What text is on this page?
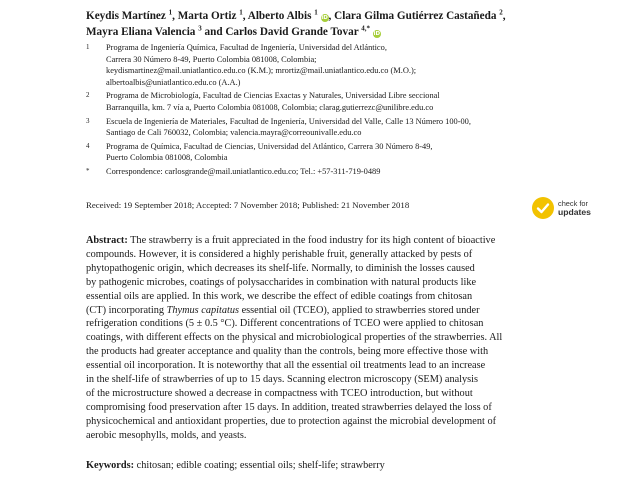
Keydis Martínez $^1$, Marta Ortiz $^1$, Alberto Albis $^1$ iD, Clara Gilma Gutiérrez Castañeda $^2$,
Mayra Eliana Valencia $^3$ and Carlos David Grande Tovar $^{4,*}$ iD
1 Programa de Ingeniería Química, Facultad de Ingeniería, Universidad del Atlántico,
Carrera 30 Número 8-49, Puerto Colombia 081008, Colombia;
keydismartinez@mail.uniatlantico.edu.co (K.M.); mrortiz@mail.uniatlantico.edu.co (M.O.);
albertoalbis@uniatlantico.edu.co (A.A.)
2 Programa de Microbiología, Facultad de Ciencias Exactas y Naturales, Universidad Libre seccional
Barranquilla, km. 7 vía a, Puerto Colombia 081008, Colombia; clarag.gutierrezc@unilibre.edu.co
3 Escuela de Ingeniería de Materiales, Facultad de Ingeniería, Universidad del Valle, Calle 13 Número 100-00,
Santiago de Cali 760032, Colombia; valencia.mayra@correounivalle.edu.co
4 Programa de Química, Facultad de Ciencias, Universidad del Atlántico, Carrera 30 Número 8-49,
Puerto Colombia 081008, Colombia
* Correspondence: carlosgrande@mail.uniatlantico.edu.co; Tel.: +57-311-719-0489
Received: 19 September 2018; Accepted: 7 November 2018; Published: 21 November 2018	check for
updates
Abstract: The strawberry is a fruit appreciated in the food industry for its high content of bioactive
compounds. However, it is considered a highly perishable fruit, generally attacked by pests of
phytopathogenic origin, which decreases its shelf-life. Normally, to diminish the losses caused
by pathogenic microbes, coatings of polysaccharides in combination with natural products like
essential oils are applied. In this work, we describe the effect of edible coatings from chitosan
(CT) incorporating Thymus capitatus essential oil (TCEO), applied to strawberries stored under
refrigeration conditions (5 ± 0.5 °C). Different concentrations of TCEO were applied to chitosan
coatings, with different effects on the physical and microbiological properties of the strawberries. All
the products had greater acceptance and quality than the controls, being more effective those with
essential oil incorporation. It is noteworthy that all the essential oil treatments lead to an increase
in the shelf-life of strawberries of up to 15 days. Scanning electron microscopy (SEM) analysis
of the microstructure showed a decrease in compactness with TCEO introduction, but without
compromising food preservation after 15 days. In addition, treated strawberries delayed the loss of
physicochemical and antioxidant properties, due to protection against the microbial development of
aerobic mesophylls, molds, and yeasts.
Keywords: chitosan; edible coating; essential oils; shelf-life; strawberry
